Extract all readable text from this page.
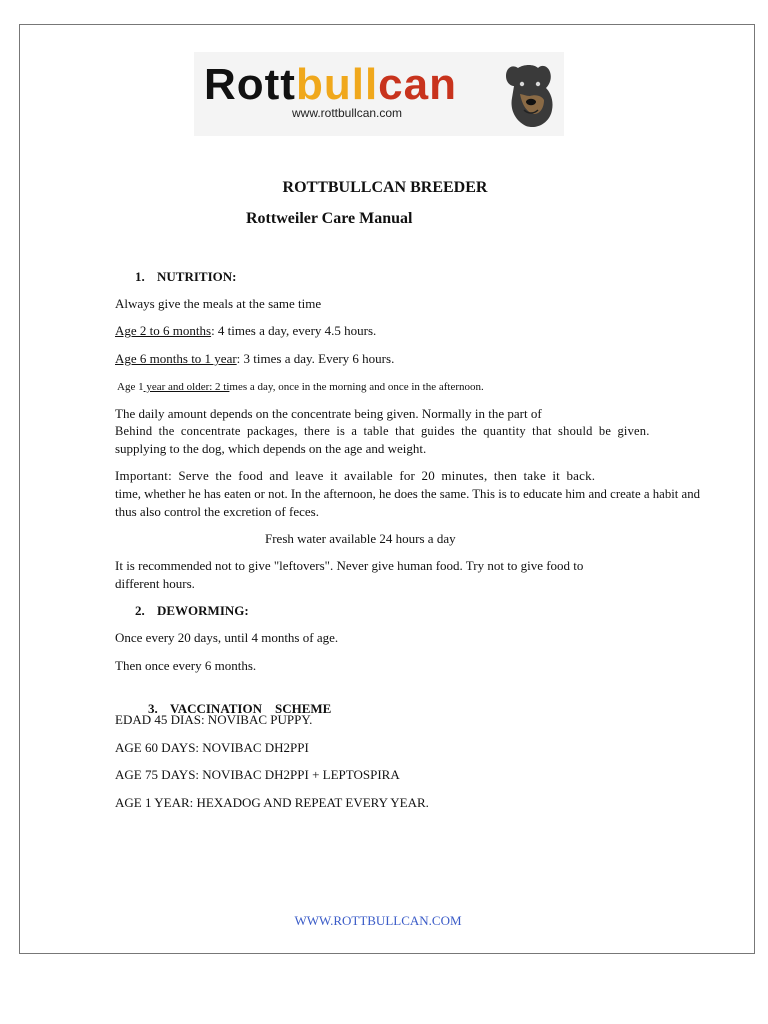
Rottbullcan
www.rottbullcan.com
ROTTBULLCAN BREEDER
Rottweiler Care Manual
1. NUTRITION:
Always give the meals at the same time
Age 2 to 6 months: 4 times a day, every 4.5 hours.
Age 6 months to 1 year: 3 times a day. Every 6 hours.
Age 1 year and older: 2 times a day, once in the morning and once in the afternoon.
The daily amount depends on the concentrate being given. Normally in the part of
Behind the concentrate packages, there is a table that guides the quantity that should be given.
supplying to the dog, which depends on the age and weight.
Important: Serve the food and leave it available for 20 minutes, then take it back.
time, whether he has eaten or not. In the afternoon, he does the same. This is to educate him and create a habit and
thus also control the excretion of feces.
Fresh water available 24 hours a day
It is recommended not to give "leftovers". Never give human food. Try not to give food to
different hours.
2. DEWORMING:
Once every 20 days, until 4 months of age.
Then once every 6 months.

3. VACCINATION    SCHEME

EDAD 45 DIAS: NOVIBAC PUPPY.
AGE 60 DAYS: NOVIBAC DH2PPI
AGE 75 DAYS: NOVIBAC DH2PPI + LEPTOSPIRA
AGE 1 YEAR: HEXADOG AND REPEAT EVERY YEAR.
WWW.ROTTBULLCAN.COM
